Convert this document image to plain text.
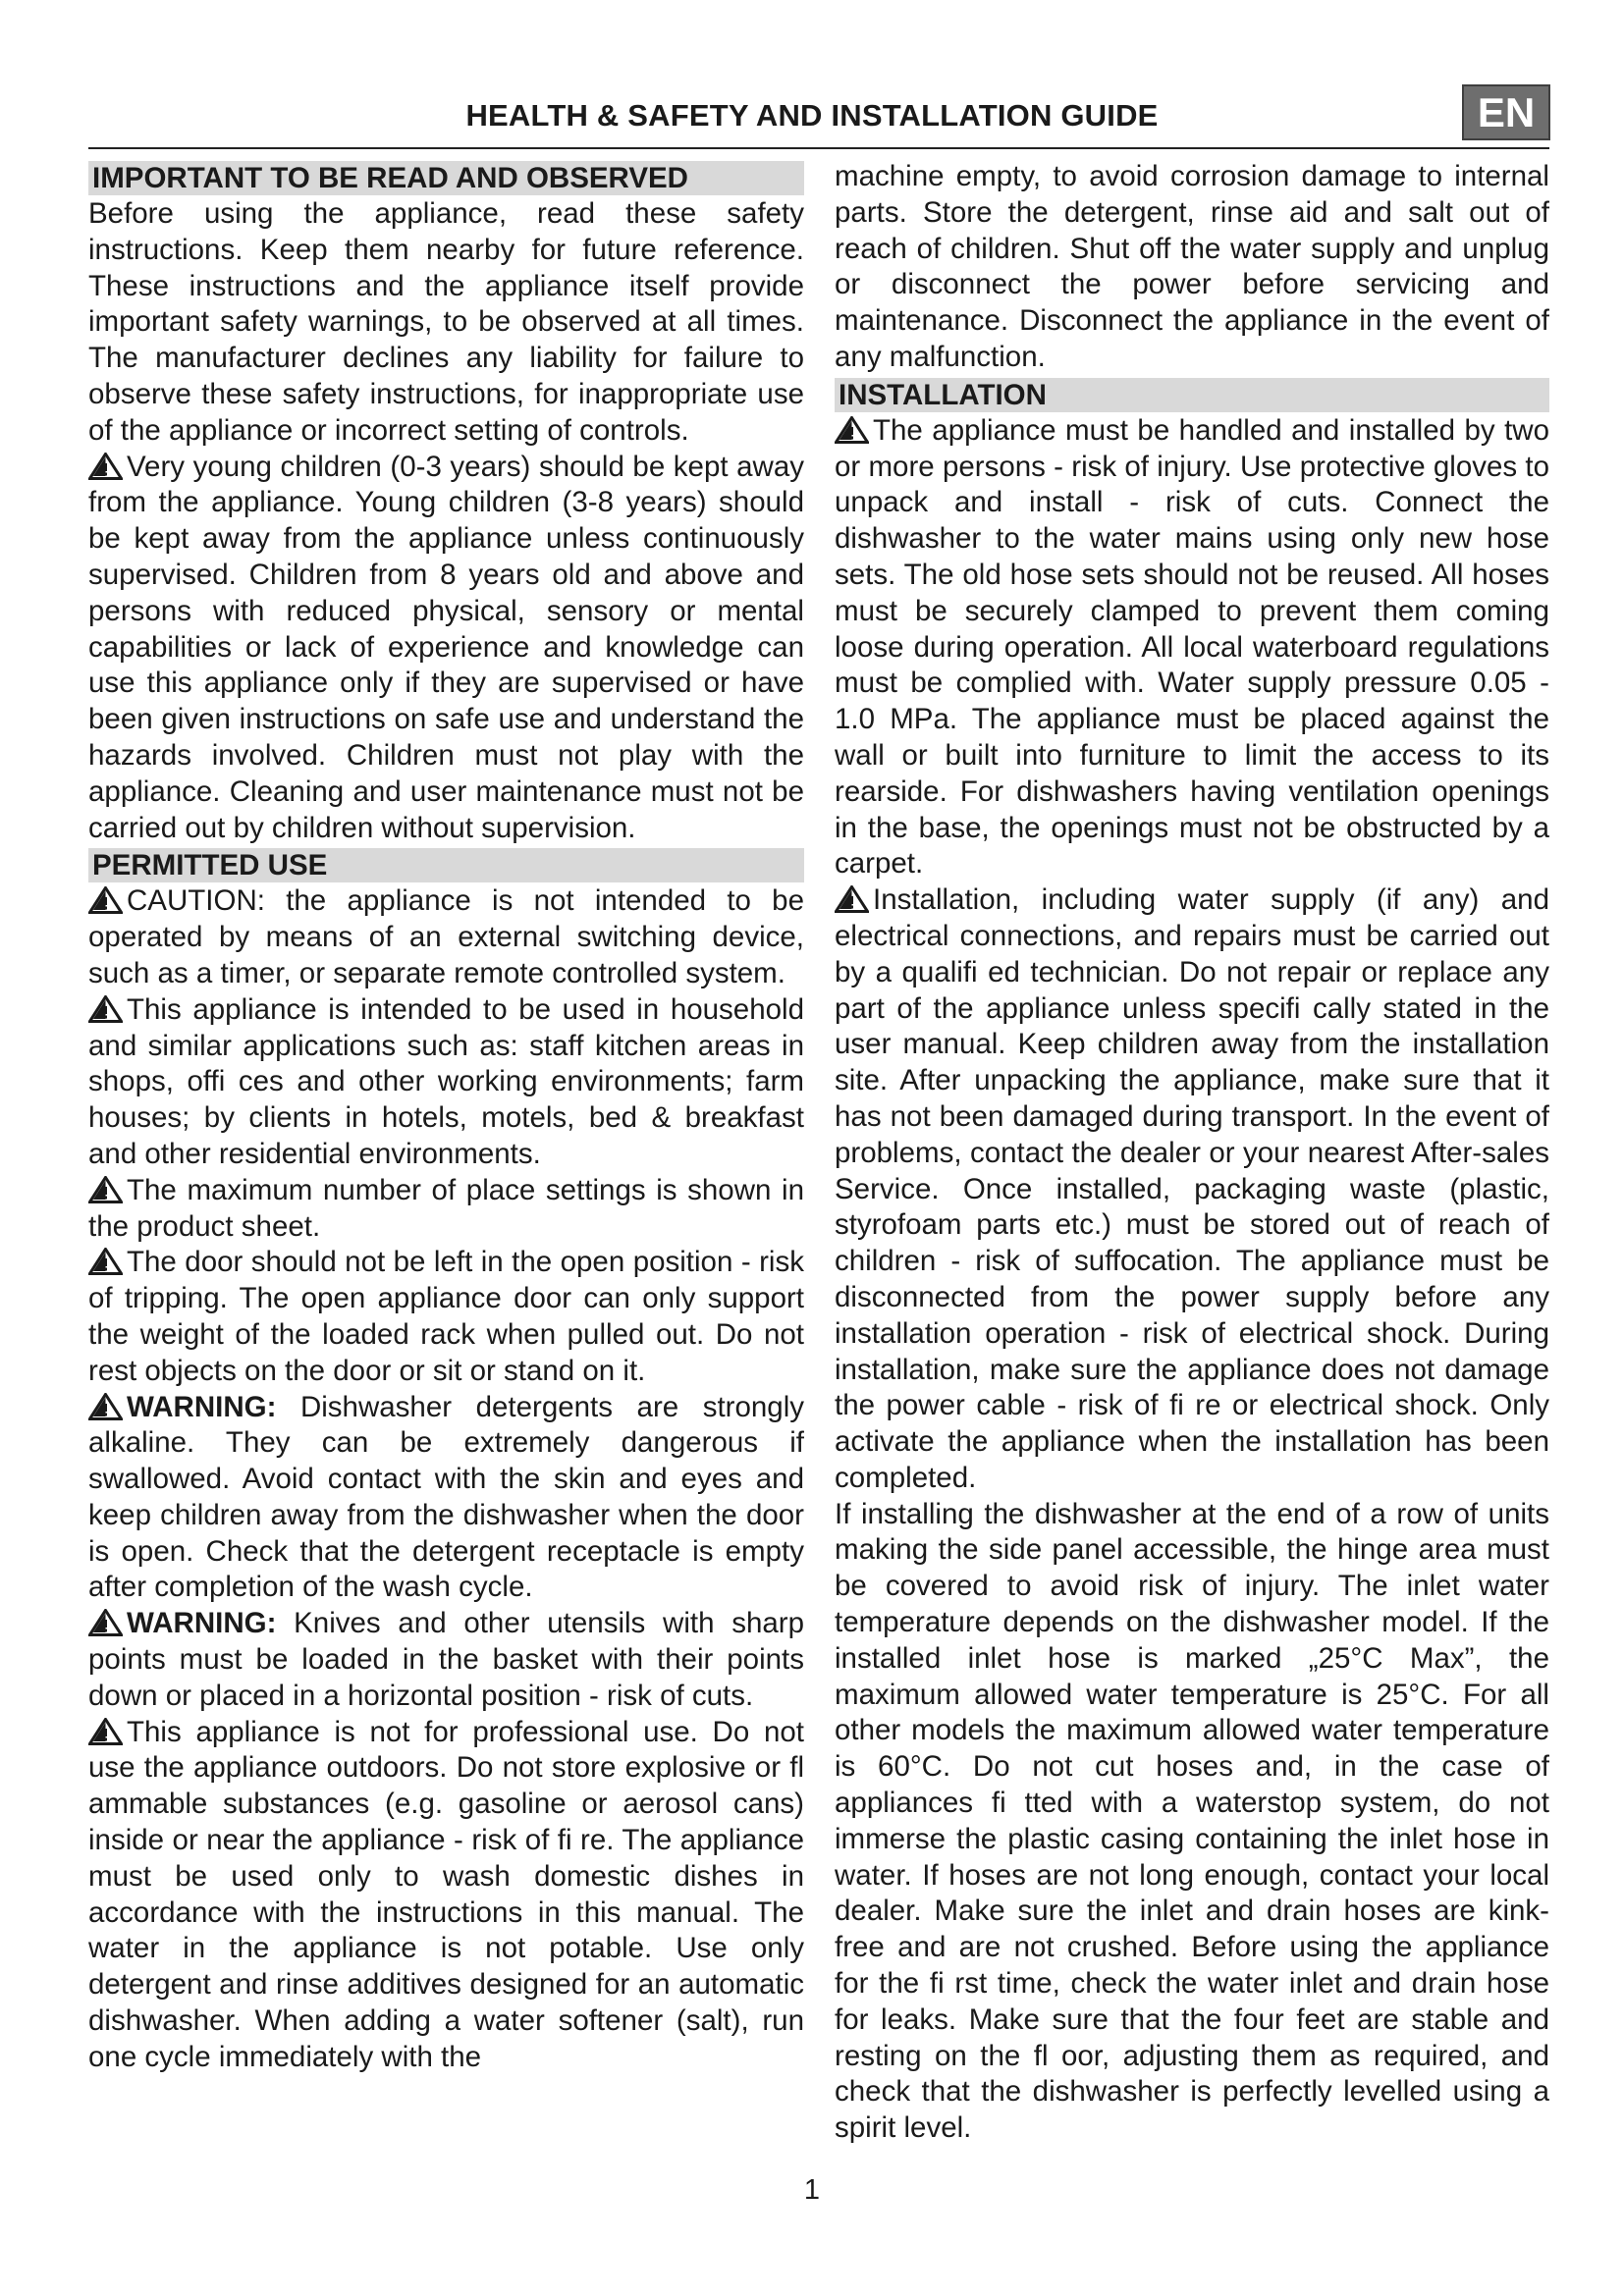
HEALTH & SAFETY AND INSTALLATION GUIDE	EN
IMPORTANT TO BE READ AND OBSERVED
Before using the appliance, read these safety instructions. Keep them nearby for future reference. These instructions and the appliance itself provide important safety warnings, to be observed at all times. The manufacturer declines any liability for failure to observe these safety instructions, for inappropriate use of the appliance or incorrect setting of controls.
Very young children (0-3 years) should be kept away from the appliance. Young children (3-8 years) should be kept away from the appliance unless continuously supervised. Children from 8 years old and above and persons with reduced physical, sensory or mental capabilities or lack of experience and knowledge can use this appliance only if they are supervised or have been given instructions on safe use and understand the hazards involved. Children must not play with the appliance. Cleaning and user maintenance must not be carried out by children without supervision.
PERMITTED USE
CAUTION: the appliance is not intended to be operated by means of an external switching device, such as a timer, or separate remote controlled system.
This appliance is intended to be used in household and similar applications such as: staff kitchen areas in shops, offi ces and other working environments; farm houses; by clients in hotels, motels, bed & breakfast and other residential environments.
The maximum number of place settings is shown in the product sheet.
The door should not be left in the open position - risk of tripping. The open appliance door can only support the weight of the loaded rack when pulled out. Do not rest objects on the door or sit or stand on it.
WARNING: Dishwasher detergents are strongly alkaline. They can be extremely dangerous if swallowed. Avoid contact with the skin and eyes and keep children away from the dishwasher when the door is open. Check that the detergent receptacle is empty after completion of the wash cycle.
WARNING: Knives and other utensils with sharp points must be loaded in the basket with their points down or placed in a horizontal position - risk of cuts.
This appliance is not for professional use. Do not use the appliance outdoors. Do not store explosive or fl ammable substances (e.g. gasoline or aerosol cans) inside or near the appliance - risk of fi re. The appliance must be used only to wash domestic dishes in accordance with the instructions in this manual. The water in the appliance is not potable. Use only detergent and rinse additives designed for an automatic dishwasher. When adding a water softener (salt), run one cycle immediately with the
machine empty, to avoid corrosion damage to internal parts. Store the detergent, rinse aid and salt out of reach of children. Shut off the water supply and unplug or disconnect the power before servicing and maintenance. Disconnect the appliance in the event of any malfunction.
INSTALLATION
The appliance must be handled and installed by two or more persons - risk of injury. Use protective gloves to unpack and install - risk of cuts. Connect the dishwasher to the water mains using only new hose sets. The old hose sets should not be reused. All hoses must be securely clamped to prevent them coming loose during operation. All local waterboard regulations must be complied with. Water supply pressure 0.05 - 1.0 MPa. The appliance must be placed against the wall or built into furniture to limit the access to its rearside. For dishwashers having ventilation openings in the base, the openings must not be obstructed by a carpet.
Installation, including water supply (if any) and electrical connections, and repairs must be carried out by a qualifi ed technician. Do not repair or replace any part of the appliance unless specifi cally stated in the user manual. Keep children away from the installation site. After unpacking the appliance, make sure that it has not been damaged during transport. In the event of problems, contact the dealer or your nearest After-sales Service. Once installed, packaging waste (plastic, styrofoam parts etc.) must be stored out of reach of children - risk of suffocation. The appliance must be disconnected from the power supply before any installation operation - risk of electrical shock. During installation, make sure the appliance does not damage the power cable - risk of fi re or electrical shock. Only activate the appliance when the installation has been completed.
If installing the dishwasher at the end of a row of units making the side panel accessible, the hinge area must be covered to avoid risk of injury. The inlet water temperature depends on the dishwasher model. If the installed inlet hose is marked „25°C Max”, the maximum allowed water temperature is 25°C. For all other models the maximum allowed water temperature is 60°C. Do not cut hoses and, in the case of appliances fi tted with a waterstop system, do not immerse the plastic casing containing the inlet hose in water. If hoses are not long enough, contact your local dealer. Make sure the inlet and drain hoses are kink-free and are not crushed. Before using the appliance for the fi rst time, check the water inlet and drain hose for leaks. Make sure that the four feet are stable and resting on the fl oor, adjusting them as required, and check that the dishwasher is perfectly levelled using a spirit level.
1
